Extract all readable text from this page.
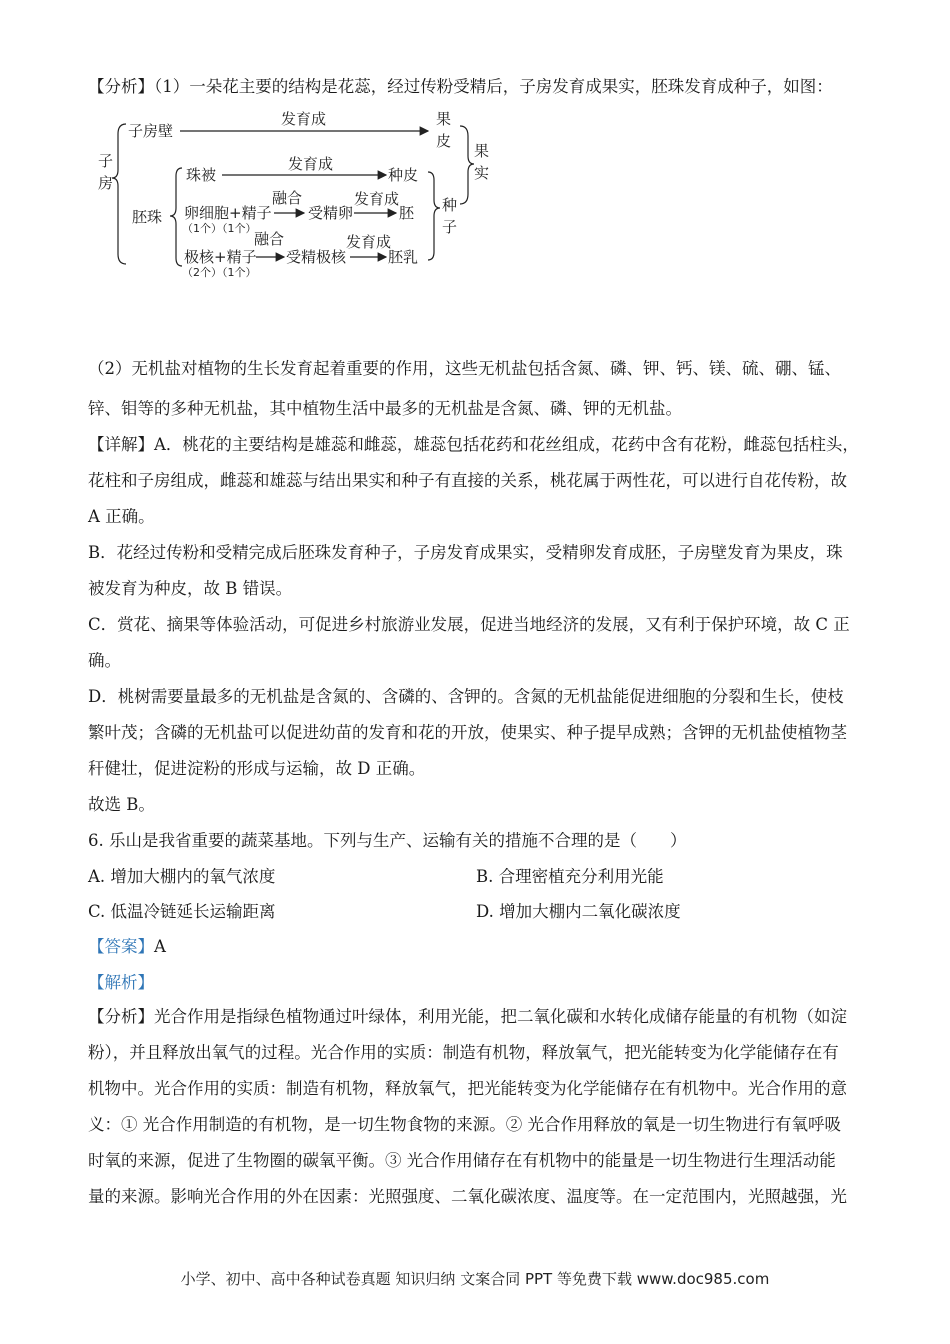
【分析】（1）一朵花主要的结构是花蕊，经过传粉受精后，子房发育成果实，胚珠发育成种子，如图：
子
房
子房壁
发育成	果
皮
胚珠
珠被
发育成
种皮
卵细胞+精子
（1个）（1个）
融合
受精卵
发育成
胚 种
子
极核+精子
（2个）（1个）
融合
受精极核
发育成
胚乳
果
实
（2）无机盐对植物的生长发育起着重要的作用，这些无机盐包括含氮、磷、钾、钙、镁、硫、硼、锰、
锌、钼等的多种无机盐，其中植物生活中最多的无机盐是含氮、磷、钾的无机盐。
【详解】A．桃花的主要结构是雄蕊和雌蕊，雄蕊包括花药和花丝组成，花药中含有花粉，雌蕊包括柱头，
花柱和子房组成，雌蕊和雄蕊与结出果实和种子有直接的关系，桃花属于两性花，可以进行自花传粉，故
A 正确。
B．花经过传粉和受精完成后胚珠发育种子，子房发育成果实，受精卵发育成胚，子房壁发育为果皮，珠
被发育为种皮，故 B 错误。
C．赏花、摘果等体验活动，可促进乡村旅游业发展，促进当地经济的发展，又有利于保护环境，故 C 正
确。
D．桃树需要量最多的无机盐是含氮的、含磷的、含钾的。含氮的无机盐能促进细胞的分裂和生长，使枝
繁叶茂；含磷的无机盐可以促进幼苗的发育和花的开放，使果实、种子提早成熟；含钾的无机盐使植物茎
秆健壮，促进淀粉的形成与运输，故 D 正确。
故选 B。
6. 乐山是我省重要的蔬菜基地。下列与生产、运输有关的措施不合理的是（　　）
A. 增加大棚内的氧气浓度	B. 合理密植充分利用光能
C. 低温冷链延长运输距离	D. 增加大棚内二氧化碳浓度
【答案】A
【解析】
【分析】光合作用是指绿色植物通过叶绿体，利用光能，把二氧化碳和水转化成储存能量的有机物（如淀
粉），并且释放出氧气的过程。光合作用的实质：制造有机物，释放氧气，把光能转变为化学能储存在有
机物中。光合作用的实质：制造有机物，释放氧气，把光能转变为化学能储存在有机物中。光合作用的意
义：① 光合作用制造的有机物，是一切生物食物的来源。② 光合作用释放的氧是一切生物进行有氧呼吸
时氧的来源，促进了生物圈的碳氧平衡。③ 光合作用储存在有机物中的能量是一切生物进行生理活动能
量的来源。影响光合作用的外在因素：光照强度、二氧化碳浓度、温度等。在一定范围内，光照越强，光
小学、初中、高中各种试卷真题 知识归纳 文案合同 PPT 等免费下载 www.doc985.com
